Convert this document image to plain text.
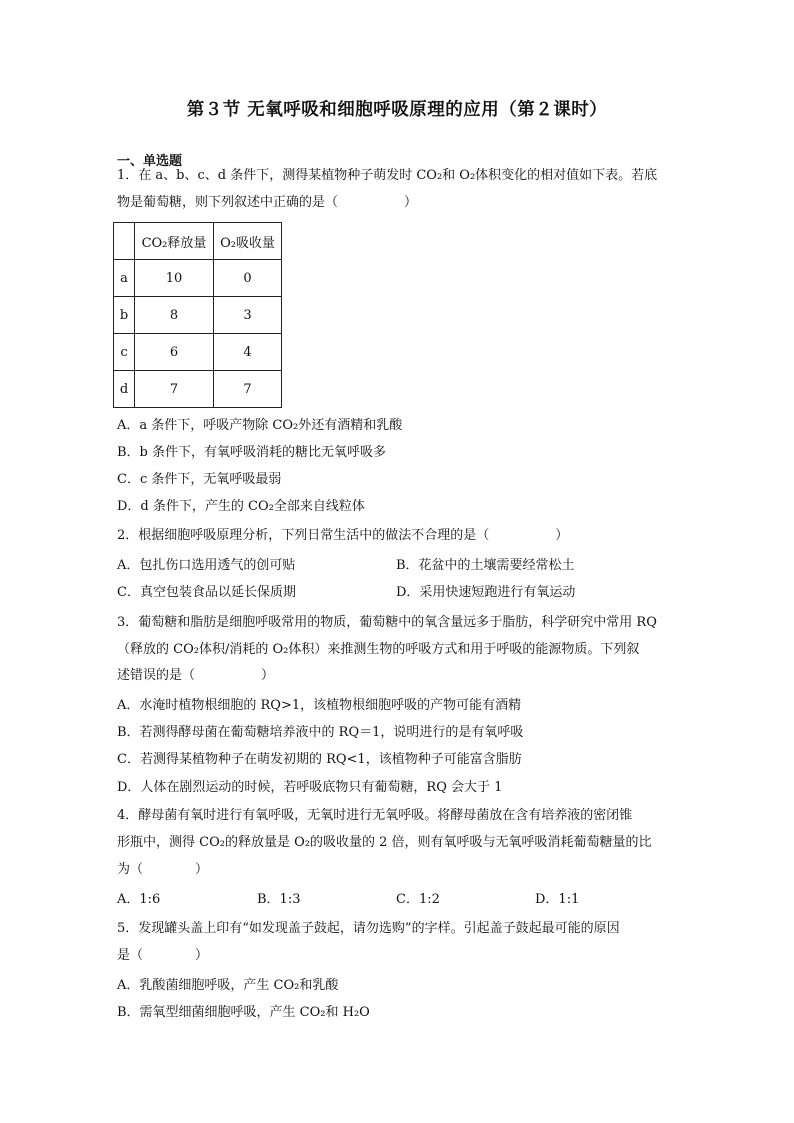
第３节 无氧呼吸和细胞呼吸原理的应用（第２课时）
一、单选题
1．在 a、b、c、d 条件下，测得某植物种子萌发时 CO₂和 O₂体积变化的相对值如下表。若底
物是葡萄糖，则下列叙述中正确的是（	）
	CO₂释放量	O₂吸收量
a	10	0
b	8	3
c	6	4
d	7	7
A．a 条件下，呼吸产物除 CO₂外还有酒精和乳酸
B．b 条件下，有氧呼吸消耗的糖比无氧呼吸多
C．c 条件下，无氧呼吸最弱
D．d 条件下，产生的 CO₂全部来自线粒体
2．根据细胞呼吸原理分析，下列日常生活中的做法不合理的是（	）
A．包扎伤口选用透气的创可贴	B．花盆中的土壤需要经常松土
C．真空包装食品以延长保质期	D．采用快速短跑进行有氧运动
3．葡萄糖和脂肪是细胞呼吸常用的物质，葡萄糖中的氧含量远多于脂肪，科学研究中常用 RQ
（释放的 CO₂体积/消耗的 O₂体积）来推测生物的呼吸方式和用于呼吸的能源物质。下列叙
述错误的是（	）
A．水淹时植物根细胞的 RQ>1，该植物根细胞呼吸的产物可能有酒精
B．若测得酵母菌在葡萄糖培养液中的 RQ＝1，说明进行的是有氧呼吸
C．若测得某植物种子在萌发初期的 RQ<1，该植物种子可能富含脂肪
D．人体在剧烈运动的时候，若呼吸底物只有葡萄糖，RQ 会大于 1
4．酵母菌有氧时进行有氧呼吸，无氧时进行无氧呼吸。将酵母菌放在含有培养液的密闭锥
形瓶中，测得 CO₂的释放量是 O₂的吸收量的 2 倍，则有氧呼吸与无氧呼吸消耗葡萄糖量的比
为（	）
A．1:6	B．1:3	C．1:2	D．1:1
5．发现罐头盖上印有“如发现盖子鼓起，请勿选购”的字样。引起盖子鼓起最可能的原因
是（	）
A．乳酸菌细胞呼吸，产生 CO₂和乳酸
B．需氧型细菌细胞呼吸，产生 CO₂和 H₂O
